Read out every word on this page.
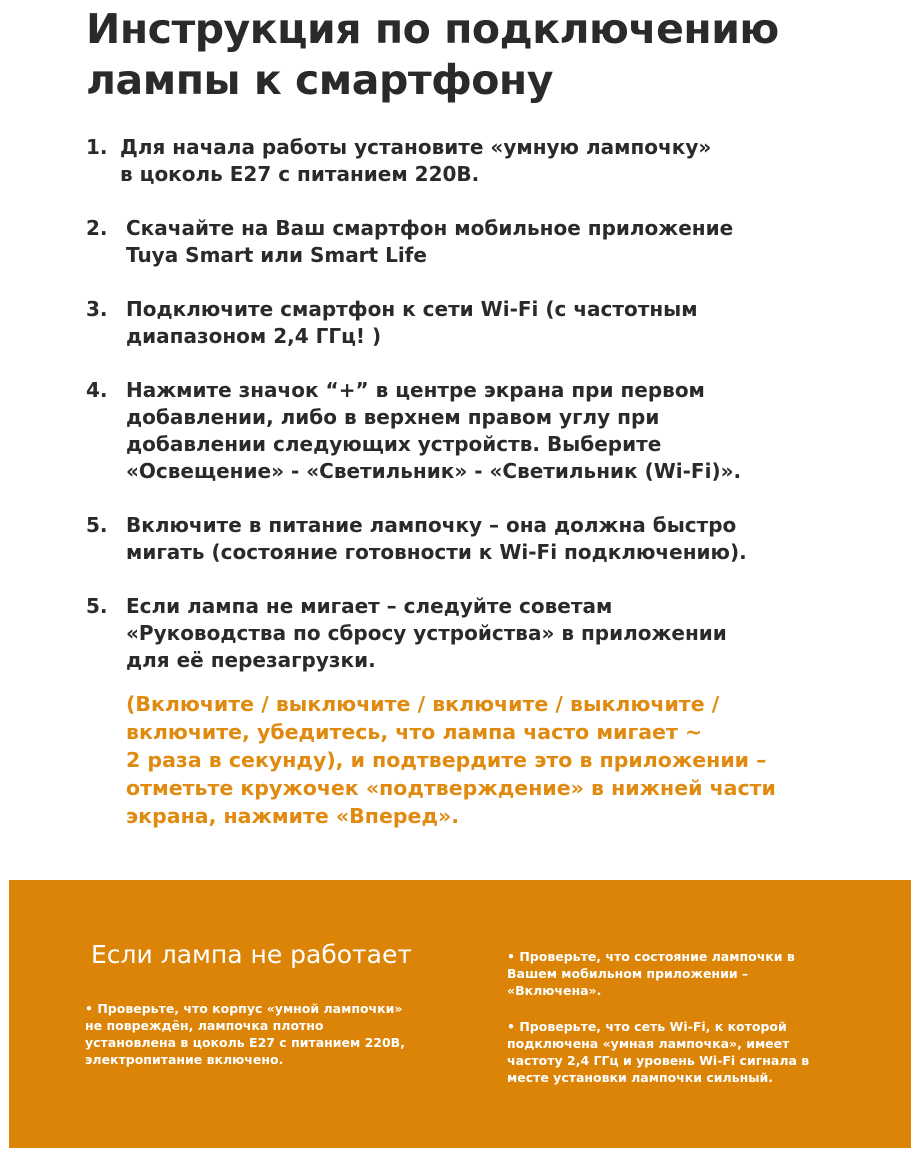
Инструкция по подключению
лампы к смартфону
1. Для начала работы установите «умную лампочку»
в цоколь E27 с питанием 220В.
2. Скачайте на Ваш смартфон мобильное приложение
Tuya Smart или Smart Life
3. Подключите смартфон к сети Wi-Fi (с частотным
диапазоном 2,4 ГГц! )
4. Нажмите значок “+” в центре экрана при первом
добавлении, либо в верхнем правом углу при
добавлении следующих устройств. Выберите
«Освещение» - «Светильник» - «Светильник (Wi-Fi)».
5. Включите в питание лампочку – она должна быстро
мигать (состояние готовности к Wi-Fi подключению).
5. Если лампа не мигает – следуйте советам
«Руководства по сбросу устройства» в приложении
для её перезагрузки.
(Включите / выключите / включите / выключите /
включите, убедитесь, что лампа часто мигает ~
2 раза в секунду), и подтвердите это в приложении –
отметьте кружочек «подтверждение» в нижней части
экрана, нажмите «Вперед».
Если лампа не работает
• Проверьте, что корпус «умной лампочки»
не повреждён, лампочка плотно
установлена в цоколь E27 с питанием 220В,
электропитание включено.
• Проверьте, что состояние лампочки в
Вашем мобильном приложении –
«Включена».
• Проверьте, что сеть Wi-Fi, к которой
подключена «умная лампочка», имеет
частоту 2,4 ГГц и уровень Wi-Fi сигнала в
месте установки лампочки сильный.
